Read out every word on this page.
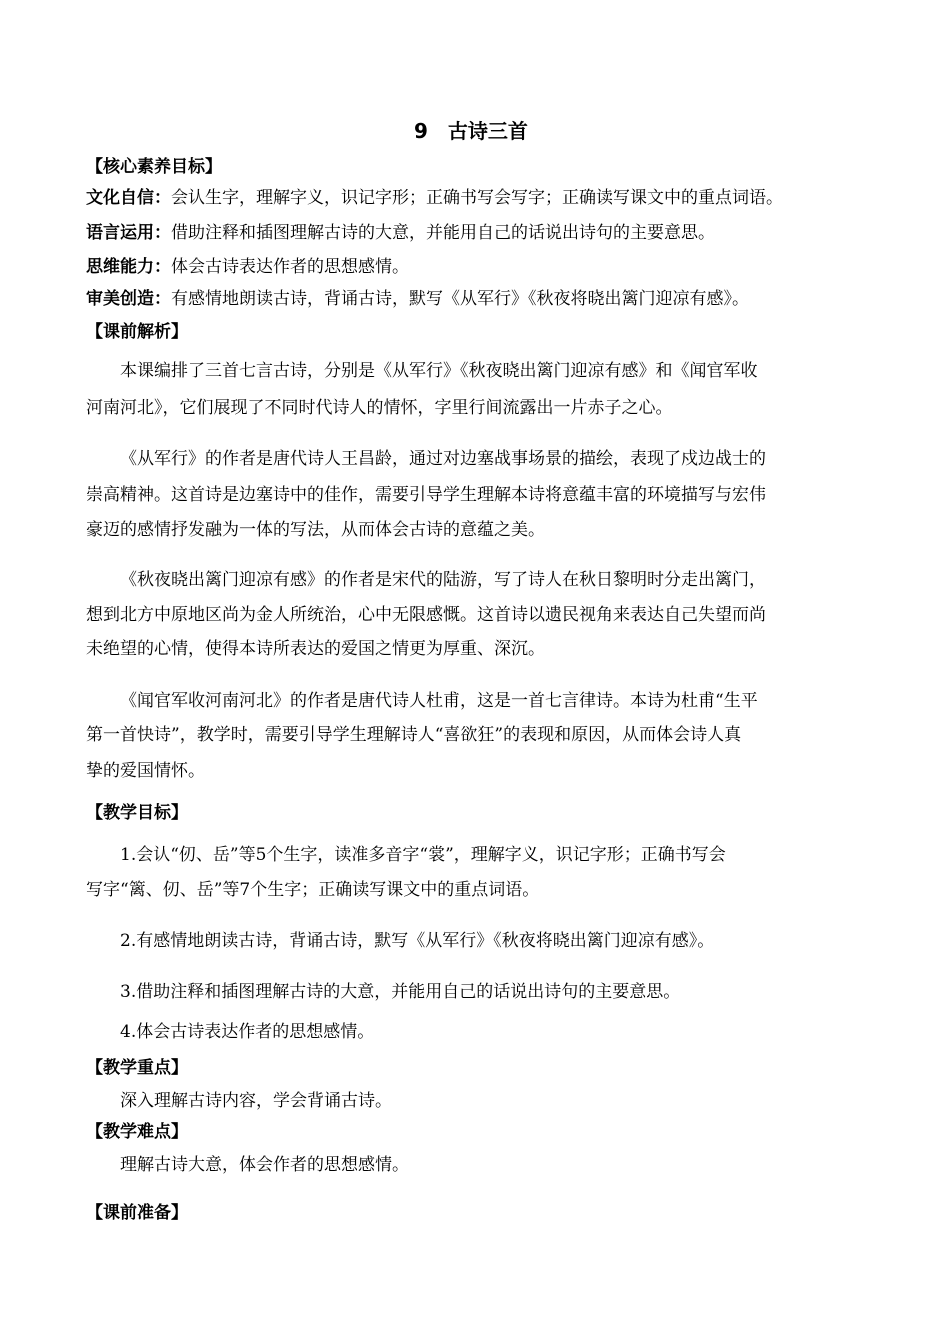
9 古诗三首
【核心素养目标】
文化自信：会认生字，理解字义，识记字形；正确书写会写字；正确读写课文中的重点词语。
语言运用：借助注释和插图理解古诗的大意，并能用自己的话说出诗句的主要意思。
思维能力：体会古诗表达作者的思想感情。
审美创造：有感情地朗读古诗，背诵古诗，默写《从军行》《秋夜将晓出篱门迎凉有感》。
【课前解析】
本课编排了三首七言古诗，分别是《从军行》《秋夜晓出篱门迎凉有感》和《闻官军收
河南河北》，它们展现了不同时代诗人的情怀，字里行间流露出一片赤子之心。
《从军行》的作者是唐代诗人王昌龄，通过对边塞战事场景的描绘，表现了戍边战士的
崇高精神。这首诗是边塞诗中的佳作，需要引导学生理解本诗将意蕴丰富的环境描写与宏伟
豪迈的感情抒发融为一体的写法，从而体会古诗的意蕴之美。
《秋夜晓出篱门迎凉有感》的作者是宋代的陆游，写了诗人在秋日黎明时分走出篱门，
想到北方中原地区尚为金人所统治，心中无限感慨。这首诗以遗民视角来表达自己失望而尚
未绝望的心情，使得本诗所表达的爱国之情更为厚重、深沉。
《闻官军收河南河北》的作者是唐代诗人杜甫，这是一首七言律诗。本诗为杜甫“生平
第一首快诗”，教学时，需要引导学生理解诗人“喜欲狂”的表现和原因，从而体会诗人真
挚的爱国情怀。
【教学目标】
1.会认“仞、岳”等5个生字，读准多音字“裳”，理解字义，识记字形；正确书写会
写字“篱、仞、岳”等7个生字；正确读写课文中的重点词语。
2.有感情地朗读古诗，背诵古诗，默写《从军行》《秋夜将晓出篱门迎凉有感》。
3.借助注释和插图理解古诗的大意，并能用自己的话说出诗句的主要意思。
4.体会古诗表达作者的思想感情。
【教学重点】
深入理解古诗内容，学会背诵古诗。
【教学难点】
理解古诗大意，体会作者的思想感情。
【课前准备】
